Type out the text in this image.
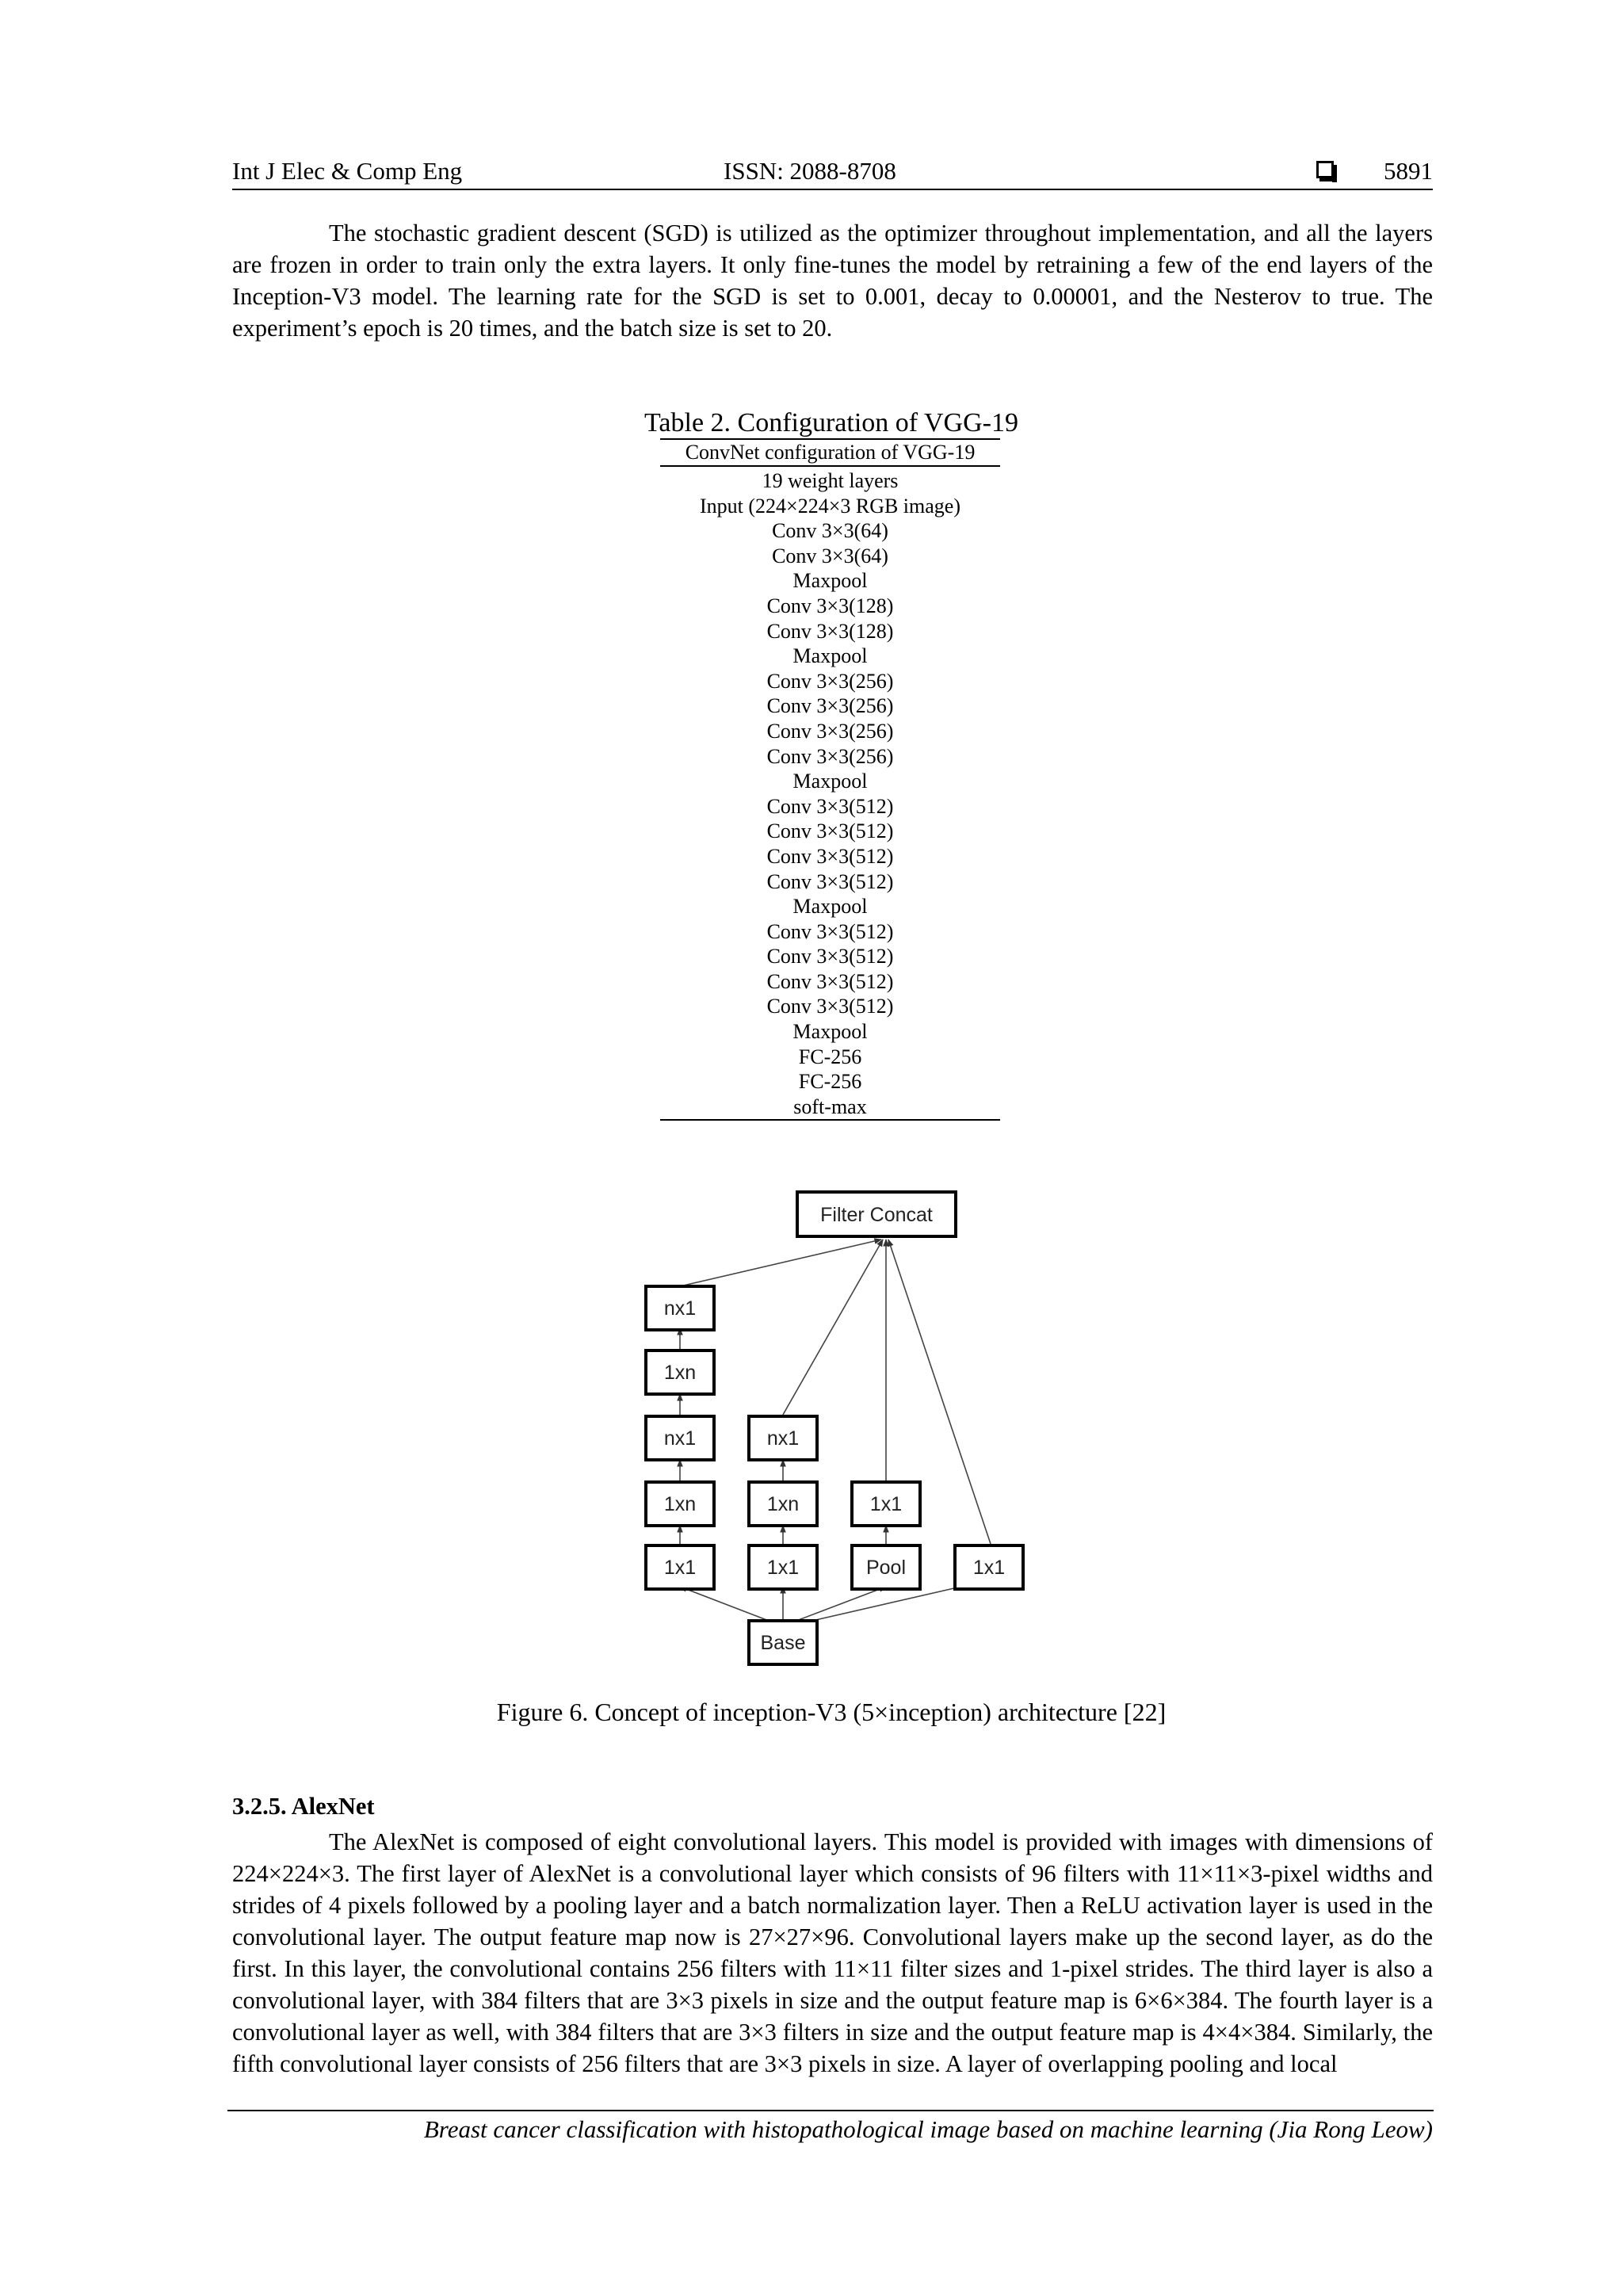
Int J Elec & Comp Eng	ISSN: 2088-8708	5891

The stochastic gradient descent (SGD) is utilized as the optimizer throughout implementation, and all the layers are frozen in order to train only the extra layers. It only fine-tunes the model by retraining a few of the end layers of the Inception-V3 model. The learning rate for the SGD is set to 0.001, decay to 0.00001, and the Nesterov to true. The experiment’s epoch is 20 times, and the batch size is set to 20.

Table 2. Configuration of VGG-19
ConvNet configuration of VGG-19
19 weight layers
Input (224×224×3 RGB image)
Conv 3×3(64)
Conv 3×3(64)
Maxpool
Conv 3×3(128)
Conv 3×3(128)
Maxpool
Conv 3×3(256)
Conv 3×3(256)
Conv 3×3(256)
Conv 3×3(256)
Maxpool
Conv 3×3(512)
Conv 3×3(512)
Conv 3×3(512)
Conv 3×3(512)
Maxpool
Conv 3×3(512)
Conv 3×3(512)
Conv 3×3(512)
Conv 3×3(512)
Maxpool
FC-256
FC-256
soft-max
Filter Concat
nx1
1xn
nx1	nx1
1xn	1xn	1x1
1x1	1x1	Pool	1x1
Base
Figure 6. Concept of inception-V3 (5×inception) architecture [22]
3.2.5. AlexNet

The AlexNet is composed of eight convolutional layers. This model is provided with images with dimensions of 224×224×3. The first layer of AlexNet is a convolutional layer which consists of 96 filters with 11×11×3-pixel widths and strides of 4 pixels followed by a pooling layer and a batch normalization layer. Then a ReLU activation layer is used in the convolutional layer. The output feature map now is 27×27×96. Convolutional layers make up the second layer, as do the first. In this layer, the convolutional contains 256 filters with 11×11 filter sizes and 1-pixel strides. The third layer is also a convolutional layer, with 384 filters that are 3×3 pixels in size and the output feature map is 6×6×384. The fourth layer is a convolutional layer as well, with 384 filters that are 3×3 filters in size and the output feature map is 4×4×384. Similarly, the fifth convolutional layer consists of 256 filters that are 3×3 pixels in size. A layer of overlapping pooling and local

Breast cancer classification with histopathological image based on machine learning (Jia Rong Leow)
